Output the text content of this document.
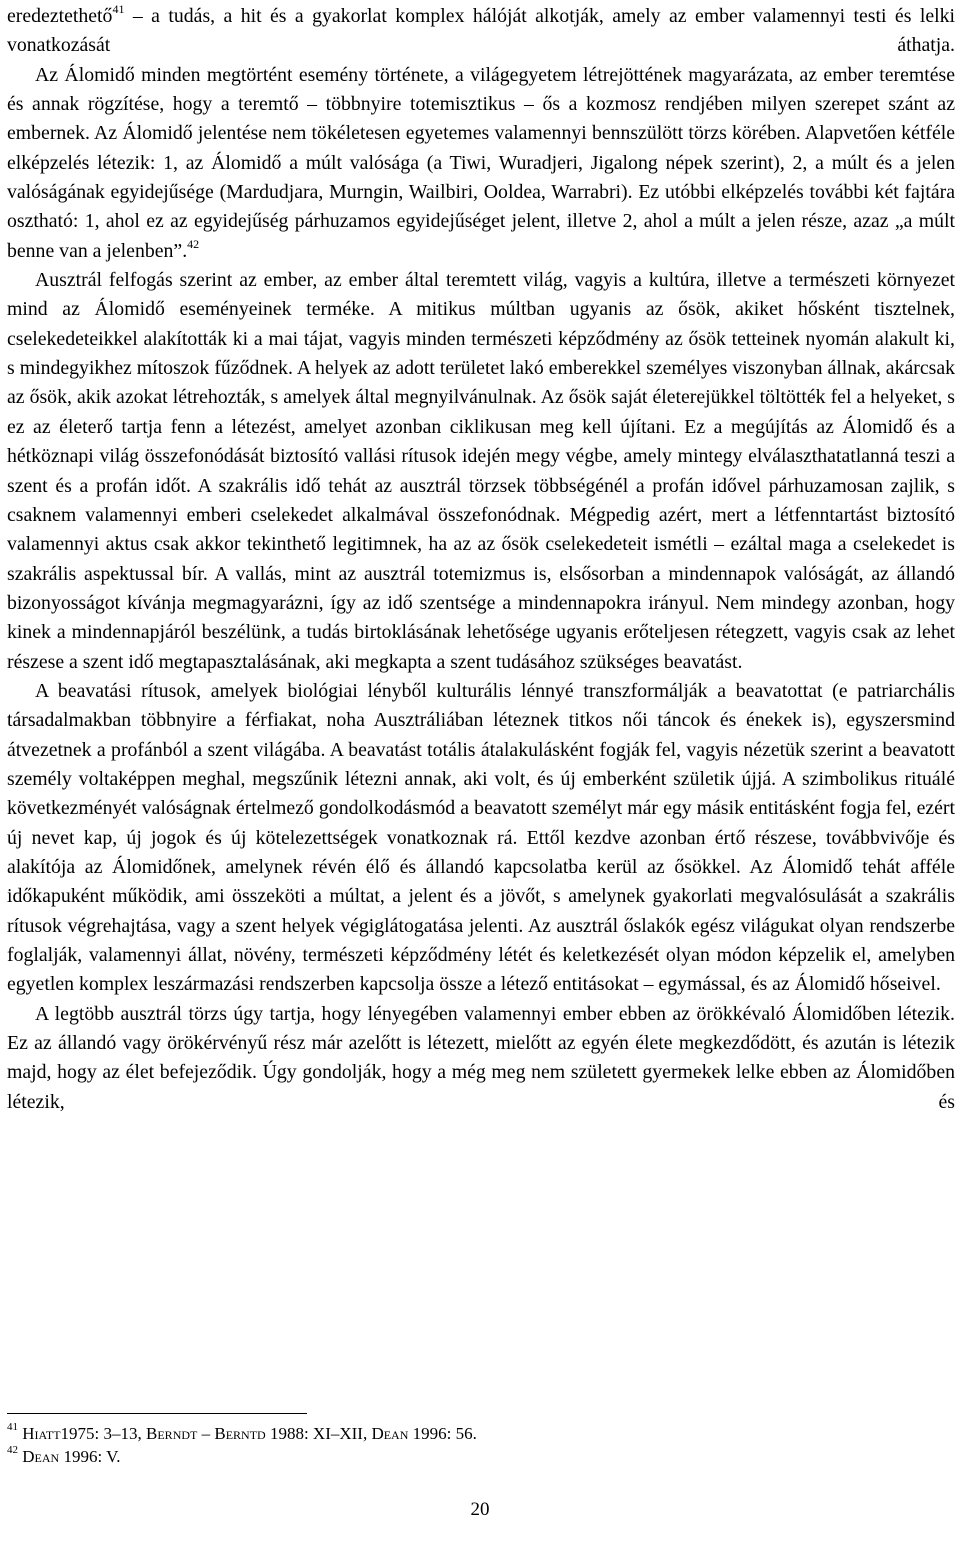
eredeztethető$^{41}$ – a tudás, a hit és a gyakorlat komplex hálóját alkotják, amely az ember valamennyi testi és lelki vonatkozását áthatja.

Az Álomidő minden megtörtént esemény története, a világegyetem létrejöttének magyarázata, az ember teremtése és annak rögzítése, hogy a teremtő – többnyire totemisztikus – ős a kozmosz rendjében milyen szerepet szánt az embernek. Az Álomidő jelentése nem tökéletesen egyetemes valamennyi bennszülött törzs körében. Alapvetően kétféle elképzelés létezik: 1, az Álomidő a múlt valósága (a Tiwi, Wuradjeri, Jigalong népek szerint), 2, a múlt és a jelen valóságának egyidejűsége (Mardudjara, Murngin, Wailbiri, Ooldea, Warrabri). Ez utóbbi elképzelés további két fajtára osztható: 1, ahol ez az egyidejűség párhuzamos egyidejűséget jelent, illetve 2, ahol a múlt a jelen része, azaz „a múlt benne van a jelenben”.$^{42}$

Ausztrál felfogás szerint az ember, az ember által teremtett világ, vagyis a kultúra, illetve a természeti környezet mind az Álomidő eseményeinek terméke. A mitikus múltban ugyanis az ősök, akiket hősként tisztelnek, cselekedeteikkel alakították ki a mai tájat, vagyis minden természeti képződmény az ősök tetteinek nyomán alakult ki, s mindegyikhez mítoszok fűződnek. A helyek az adott területet lakó emberekkel személyes viszonyban állnak, akárcsak az ősök, akik azokat létrehozták, s amelyek által megnyilvánulnak. Az ősök saját életerejükkel töltötték fel a helyeket, s ez az életerő tartja fenn a létezést, amelyet azonban ciklikusan meg kell újítani. Ez a megújítás az Álomidő és a hétköznapi világ összefonódását biztosító vallási rítusok idején megy végbe, amely mintegy elválaszthatatlanná teszi a szent és a profán időt. A szakrális idő tehát az ausztrál törzsek többségénél a profán idővel párhuzamosan zajlik, s csaknem valamennyi emberi cselekedet alkalmával összefonódnak. Mégpedig azért, mert a létfenntartást biztosító valamennyi aktus csak akkor tekinthető legitimnek, ha az az ősök cselekedeteit ismétli – ezáltal maga a cselekedet is szakrális aspektussal bír. A vallás, mint az ausztrál totemizmus is, elsősorban a mindennapok valóságát, az állandó bizonyosságot kívánja megmagyarázni, így az idő szentsége a mindennapokra irányul. Nem mindegy azonban, hogy kinek a mindennapjáról beszélünk, a tudás birtoklásának lehetősége ugyanis erőteljesen rétegzett, vagyis csak az lehet részese a szent idő megtapasztalásának, aki megkapta a szent tudásához szükséges beavatást.

A beavatási rítusok, amelyek biológiai lényből kulturális lénnyé transzformálják a beavatottat (e patriarchális társadalmakban többnyire a férfiakat, noha Ausztráliában léteznek titkos női táncok és énekek is), egyszersmind átvezetnek a profánból a szent világába. A beavatást totális átalakulásként fogják fel, vagyis nézetük szerint a beavatott személy voltaképpen meghal, megszűnik létezni annak, aki volt, és új emberként születik újjá. A szimbolikus rituálé következményét valóságnak értelmező gondolkodásmód a beavatott személyt már egy másik entitásként fogja fel, ezért új nevet kap, új jogok és új kötelezettségek vonatkoznak rá. Ettől kezdve azonban értő részese, továbbvivője és alakítója az Álomidőnek, amelynek révén élő és állandó kapcsolatba kerül az ősökkel. Az Álomidő tehát afféle időkapuként működik, ami összeköti a múltat, a jelent és a jövőt, s amelynek gyakorlati megvalósulását a szakrális rítusok végrehajtása, vagy a szent helyek végiglátogatása jelenti. Az ausztrál őslakók egész világukat olyan rendszerbe foglalják, valamennyi állat, növény, természeti képződmény létét és keletkezését olyan módon képzelik el, amelyben egyetlen komplex leszármazási rendszerben kapcsolja össze a létező entitásokat – egymással, és az Álomidő hőseivel.

A legtöbb ausztrál törzs úgy tartja, hogy lényegében valamennyi ember ebben az örökkévaló Álomidőben létezik. Ez az állandó vagy örökérvényű rész már azelőtt is létezett, mielőtt az egyén élete megkezdődött, és azután is létezik majd, hogy az élet befejeződik. Úgy gondolják, hogy a még meg nem született gyermekek lelke ebben az Álomidőben létezik, és

$^{41}$ Hiatt1975: 3–13, Berndt – Berntd 1988: XI–XII, Dean 1996: 56.

$^{42}$ Dean 1996: V.

20
